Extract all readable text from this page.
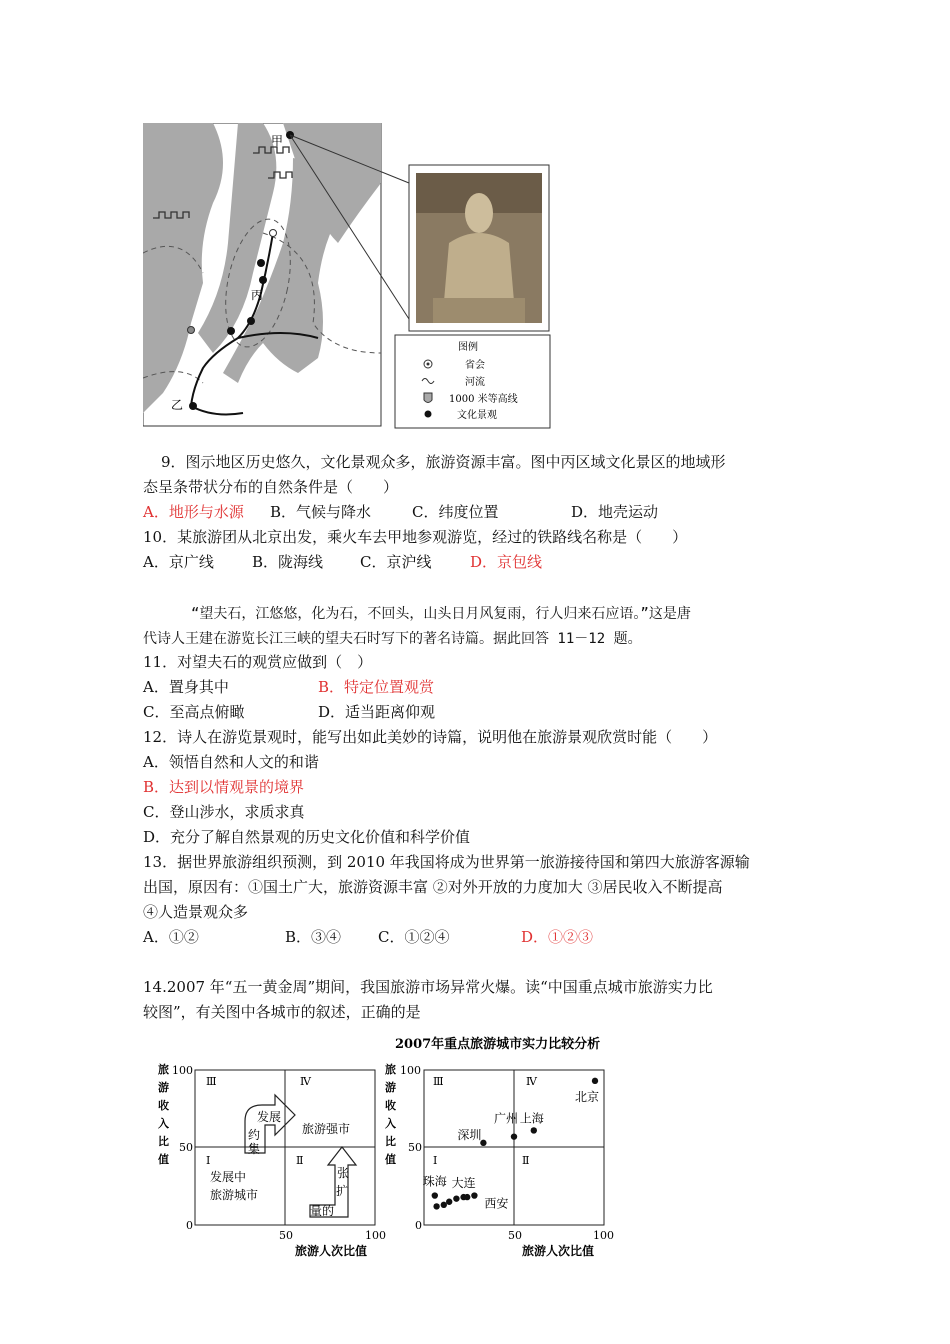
甲
乙
丙
图例
省会
河流
1000 米等高线
文化景观
9．图示地区历史悠久，文化景观众多，旅游资源丰富。图中丙区域文化景区的地域形
态呈条带状分布的自然条件是（　　）
A．地形与水源 B．气候与降水	C．纬度位置	D．地壳运动
10．某旅游团从北京出发，乘火车去甲地参观游览，经过的铁路线名称是（　　）
A．京广线	B．陇海线 C．京沪线	D．京包线
“望夫石，江悠悠，化为石，不回头，山头日月风复雨，行人归来石应语。”这是唐
代诗人王建在游览长江三峡的望夫石时写下的著名诗篇。据此回答 11－12 题。
11．对望夫石的观赏应做到（　）
A．置身其中	B．特定位置观赏
C．至高点俯瞰	D．适当距离仰观
12．诗人在游览景观时，能写出如此美妙的诗篇，说明他在旅游景观欣赏时能（　　）
A．领悟自然和人文的和谐
B．达到以情观景的境界
C．登山涉水，求质求真
D．充分了解自然景观的历史文化价值和科学价值
13．据世界旅游组织预测，到 2010 年我国将成为世界第一旅游接待国和第四大旅游客源输
出国，原因有：①国土广大，旅游资源丰富 ②对外开放的力度加大 ③居民收入不断提高
④人造景观众多
A．①②	B．③④ C．①②④	D．①②③
14.2007 年“五一黄金周”期间，我国旅游市场异常火爆。读“中国重点城市旅游实力比
较图”，有关图中各城市的叙述，正确的是
2007年重点旅游城市实力比较分析
旅
游
收
入
比
值
100
50
0
50	100
旅游人次比值
Ⅲ	Ⅳ
Ⅰ	Ⅱ
旅游强市
发展中
旅游城市
发展
约
集
张
扩
量的
旅
游
收
入
比
值
100
50
0
50	100
旅游人次比值
Ⅲ	Ⅳ
Ⅰ	Ⅱ
北京
上海
广州
深圳
西安
大连
珠海
